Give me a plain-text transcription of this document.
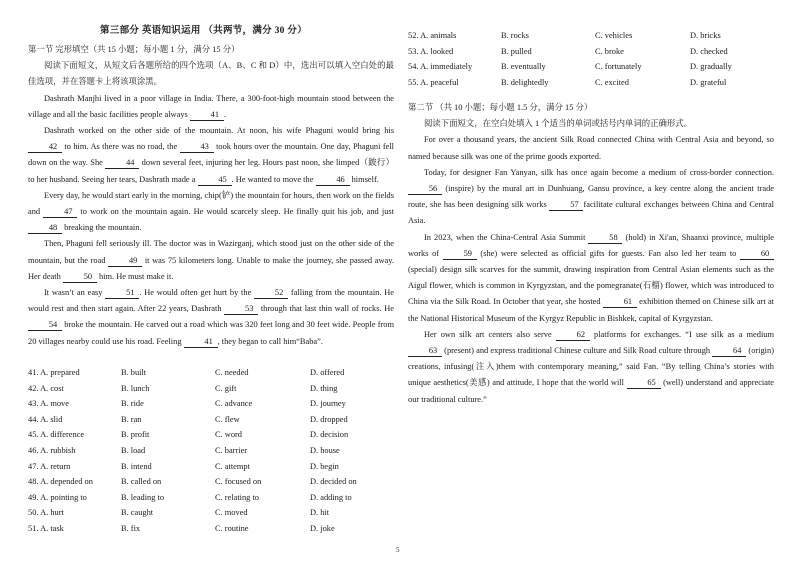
第三部分 英语知识运用 （共两节，满分 30 分）

第一节 完形填空（共 15 小题；每小题 1 分，满分 15 分）

阅读下面短文，从短文后各题所给的四个选项（A、B、C 和 D）中，选出可以填入空白处的最佳选项，并在答题卡上将该项涂黑。

Dashrath Manjhi lived in a poor village in India. There, a 300-foot-high mountain stood between the village and all the basic facilities people always 41 .

Dashrath worked on the other side of the mountain. At noon, his wife Phaguni would bring his 42 to him. As there was no road, the 43 took hours over the mountain. One day, Phaguni fell down on the way. She 44 down several feet, injuring her leg. Hours past noon, she limped（跛行）to her husband. Seeing her tears, Dashrath made a 45 . He wanted to move the 46 himself.

Every day, he would start early in the morning, chip(铲) the mountain for hours, then work on the fields and 47 to work on the mountain again. He would scarcely sleep. He finally quit his job, and just 48 breaking the mountain.

Then, Phaguni fell seriously ill. The doctor was in Wazirganj, which stood just on the other side of the mountain, but the road 49 it was 75 kilometers long. Unable to make the journey, she passed away. Her death 50 him. He must make it.

It wasn’t an easy 51 . He would often get hurt by the 52 falling from the mountain. He would rest and then start again. After 22 years, Dashrath 53 through that last thin wall of rocks. He 54 broke the mountain. He carved out a road which was 320 feet long and 30 feet wide. People from 20 villages nearby could use his road. Feeling 41 , they began to call him“Baba”.

41. A. prepared	B. built	C. needed	D. offered
42. A. cost	B. lunch	C. gift	D. thing
43. A. move	B. ride	C. advance	D. journey
44. A. slid	B. ran	C. flew	D. dropped
45. A. difference	B. profit	C. word	D. decision
46. A. rubbish	B. load	C. barrier	D. house
47. A. return	B. intend	C. attempt	D. begin
48. A. depended on	B. called on	C. focused on	D. decided on
49. A. pointing to	B. leading to	C. relating to	D. adding to
50. A. hurt	B. caught	C. moved	D. hit
51. A. task	B. fix	C. routine	D. joke
52. A. animals	B. rocks	C. vehicles	D. bricks
53. A. looked	B. pulled	C. broke	D. checked
54. A. immediately	B. eventually	C. fortunately	D. gradually
55. A. peaceful	B. delightedly	C. excited	D. grateful

第二节 （共 10 小题；每小题 1.5 分，满分 15 分）

阅读下面短文，在空白处填入 1 个适当的单词或括号内单词的正确形式。

For over a thousand years, the ancient Silk Road connected China with Central Asia and beyond, so named because silk was one of the prime goods exported.

Today, for designer Fan Yanyan, silk has once again become a medium of cross-border connection. 56 (inspire) by the mural art in Dunhuang, Gansu province, a key centre along the ancient trade route, she has been designing silk works 57 facilitate cultural exchanges between China and Central Asia.

In 2023, when the China-Central Asia Summit 58 (hold) in Xi'an, Shaanxi province, multiple works of 59 (she) were selected as official gifts for guests. Fan also led her team to 60 (special) design silk scarves for the summit, drawing inspiration from Central Asian elements such as the Aigul flower, which is common in Kyrgyzstan, and the pomegranate(石榴) flower, which was introduced to China via the Silk Road. In October that year, she hosted 61 exhibition themed on Chinese silk art at the National Historical Museum of the Kyrgyz Republic in Bishkek, capital of Kyrgyzstan.

Her own silk art centers also serve 62 platforms for exchanges. “I use silk as a medium 63 (present) and express traditional Chinese culture and Silk Road culture through 64 (origin) creations, infusing(注入)them with contemporary meaning,” said Fan. “By telling China’s stories with unique aesthetics(美感) and attitude, I hope that the world will 65 (well) understand and appreciate our traditional culture.”

5
